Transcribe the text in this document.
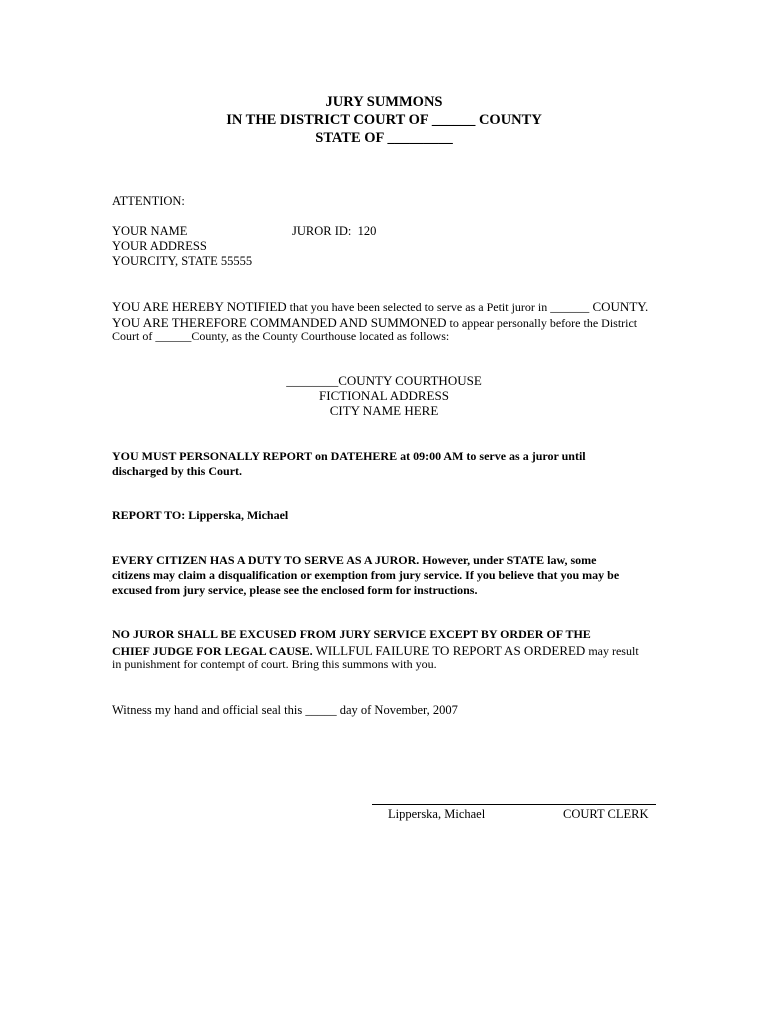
JURY SUMMONS
IN THE DISTRICT COURT OF ______ COUNTY
STATE OF _________
ATTENTION:
YOUR NAME	JUROR ID: 120
YOUR ADDRESS
YOURCITY, STATE 55555
YOU ARE HEREBY NOTIFIED that you have been selected to serve as a Petit juror in ______ COUNTY.
YOU ARE THEREFORE COMMANDED AND SUMMONED to appear personally before the District
Court of ______County, as the County Courthouse located as follows:
________COUNTY COURTHOUSE
FICTIONAL ADDRESS
CITY NAME HERE
YOU MUST PERSONALLY REPORT on DATEHERE at 09:00 AM to serve as a juror until
discharged by this Court.
REPORT TO: Lipperska, Michael
EVERY CITIZEN HAS A DUTY TO SERVE AS A JUROR. However, under STATE law, some
citizens may claim a disqualification or exemption from jury service. If you believe that you may be
excused from jury service, please see the enclosed form for instructions.
NO JUROR SHALL BE EXCUSED FROM JURY SERVICE EXCEPT BY ORDER OF THE
CHIEF JUDGE FOR LEGAL CAUSE. WILLFUL FAILURE TO REPORT AS ORDERED may result
in punishment for contempt of court. Bring this summons with you.
Witness my hand and official seal this _____ day of November, 2007
Lipperska, Michael	COURT CLERK
